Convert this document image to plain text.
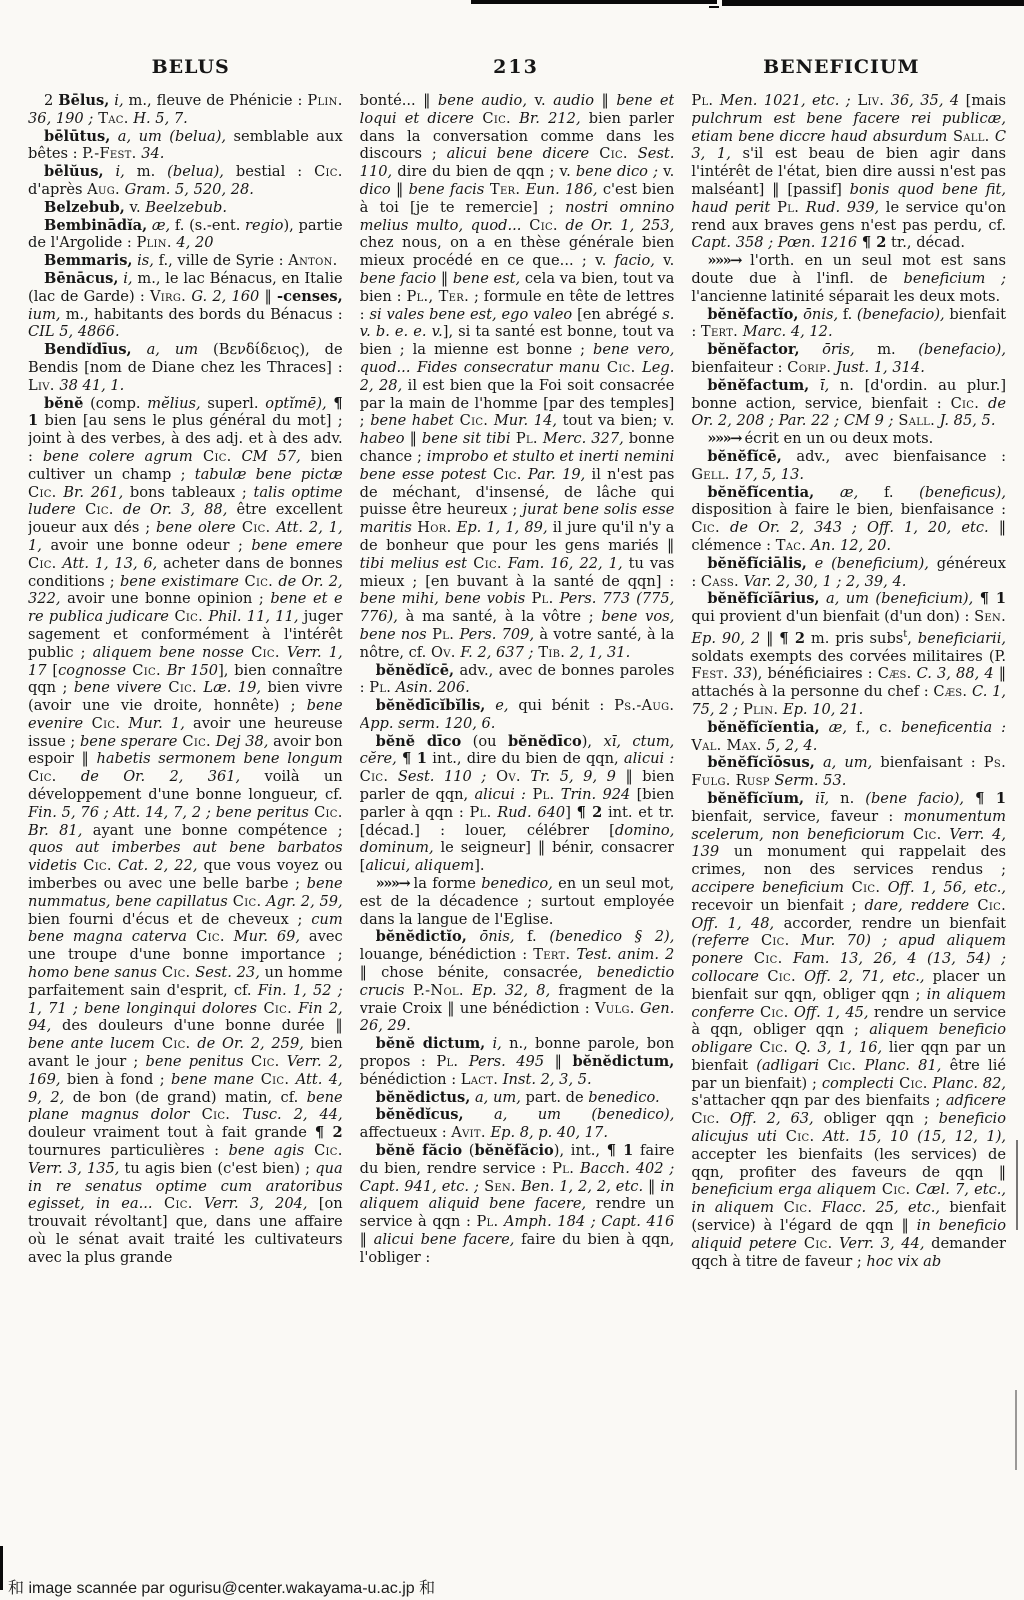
BELUS	213	BENEFICIUM

2 Bēlus, i, m., fleuve de Phénicie : Plin. 36, 190 ; Tac. H. 5, 7.

bēlūtus, a, um (belua), semblable aux bêtes : P.-Fest. 34.

bēlŭus, i, m. (belua), bestial : Cic. d'après Aug. Gram. 5, 520, 28.

Belzebub, v. Beelzebub.

Bembinādĭa, æ, f. (s.-ent. regio), partie de l'Argolide : Plin. 4, 20

Bemmaris, is, f., ville de Syrie : Anton.

Bēnācus, i, m., le lac Bénacus, en Italie (lac de Garde) : Virg. G. 2, 160 ‖ -censes, ium, m., habitants des bords du Bénacus : CIL 5, 4866.

Bendĭdīus, a, um (Βενδίδειος), de Bendis [nom de Diane chez les Thraces] : Liv. 38 41, 1.

bĕnĕ (comp. mĕlius, superl. optĭmē), ¶ 1 bien [au sens le plus général du mot] ; joint à des verbes, à des adj. et à des adv. : bene colere agrum Cic. CM 57, bien cultiver un champ ; tabulæ bene pictæ Cic. Br. 261, bons tableaux ; talis optime ludere Cic. de Or. 3, 88, être excellent joueur aux dés ; bene olere Cic. Att. 2, 1, 1, avoir une bonne odeur ; bene emere Cic. Att. 1, 13, 6, acheter dans de bonnes conditions ; bene existimare Cic. de Or. 2, 322, avoir une bonne opinion ; bene et e re publica judicare Cic. Phil. 11, 11, juger sagement et conformément à l'intérêt public ; aliquem bene nosse Cic. Verr. 1, 17 [cognosse Cic. Br 150], bien connaître qqn ; bene vivere Cic. Læ. 19, bien vivre (avoir une vie droite, honnête) ; bene evenire Cic. Mur. 1, avoir une heureuse issue ; bene sperare Cic. Dej 38, avoir bon espoir ‖ habetis sermonem bene longum Cic. de Or. 2, 361, voilà un développement d'une bonne longueur, cf. Fin. 5, 76 ; Att. 14, 7, 2 ; bene peritus Cic. Br. 81, ayant une bonne compétence ; quos aut imberbes aut bene barbatos videtis Cic. Cat. 2, 22, que vous voyez ou imberbes ou avec une belle barbe ; bene nummatus, bene capillatus Cic. Agr. 2, 59, bien fourni d'écus et de cheveux ; cum bene magna caterva Cic. Mur. 69, avec une troupe d'une bonne importance ; homo bene sanus Cic. Sest. 23, un homme parfaitement sain d'esprit, cf. Fin. 1, 52 ; 1, 71 ; bene longinqui dolores Cic. Fin 2, 94, des douleurs d'une bonne durée ‖ bene ante lucem Cic. de Or. 2, 259, bien avant le jour ; bene penitus Cic. Verr. 2, 169, bien à fond ; bene mane Cic. Att. 4, 9, 2, de bon (de grand) matin, cf. bene plane magnus dolor Cic. Tusc. 2, 44, douleur vraiment tout à fait grande ¶ 2 tournures particulières : bene agis Cic. Verr. 3, 135, tu agis bien (c'est bien) ; qua in re senatus optime cum aratoribus egisset, in ea... Cic. Verr. 3, 204, [on trouvait révoltant] que, dans une affaire où le sénat avait traité les cultivateurs avec la plus grande

bonté... ‖ bene audio, v. audio ‖ bene et loqui et dicere Cic. Br. 212, bien parler dans la conversation comme dans les discours ; alicui bene dicere Cic. Sest. 110, dire du bien de qqn ; v. bene dico ; v. dico ‖ bene facis Ter. Eun. 186, c'est bien à toi [je te remercie] ; nostri omnino melius multo, quod... Cic. de Or. 1, 253, chez nous, on a en thèse générale bien mieux procédé en ce que... ; v. facio, v. bene facio ‖ bene est, cela va bien, tout va bien : Pl., Ter. ; formule en tête de lettres : si vales bene est, ego valeo [en abrégé s. v. b. e. e. v.], si ta santé est bonne, tout va bien ; la mienne est bonne ; bene vero, quod... Fides consecratur manu Cic. Leg. 2, 28, il est bien que la Foi soit consacrée par la main de l'homme [par des temples] ; bene habet Cic. Mur. 14, tout va bien; v. habeo ‖ bene sit tibi Pl. Merc. 327, bonne chance ; improbo et stulto et inerti nemini bene esse potest Cic. Par. 19, il n'est pas de méchant, d'insensé, de lâche qui puisse être heureux ; jurat bene solis esse maritis Hor. Ep. 1, 1, 89, il jure qu'il n'y a de bonheur que pour les gens mariés ‖ tibi melius est Cic. Fam. 16, 22, 1, tu vas mieux ; [en buvant à la santé de qqn] : bene mihi, bene vobis Pl. Pers. 773 (775, 776), à ma santé, à la vôtre ; bene vos, bene nos Pl. Pers. 709, à votre santé, à la nôtre, cf. Ov. F. 2, 637 ; Tib. 2, 1, 31.

bĕnĕdĭcē, adv., avec de bonnes paroles : Pl. Asin. 206.

bĕnĕdīcĭbĭlis, e, qui bénit : Ps.-Aug. App. serm. 120, 6.

bĕnĕ dīco (ou bĕnĕdīco), xī, ctum, cĕre, ¶ 1 int., dire du bien de qqn, alicui : Cic. Sest. 110 ; Ov. Tr. 5, 9, 9 ‖ bien parler de qqn, alicui : Pl. Trin. 924 [bien parler à qqn : Pl. Rud. 640] ¶ 2 int. et tr. [décad.] : louer, célébrer [domino, dominum, le seigneur] ‖ bénir, consacrer [alicui, aliquem].

»»»→ la forme benedico, en un seul mot, est de la décadence ; surtout employée dans la langue de l'Eglise.

bĕnĕdictĭo, ōnis, f. (benedico § 2), louange, bénédiction : Tert. Test. anim. 2 ‖ chose bénite, consacrée, benedictio crucis P.-Nol. Ep. 32, 8, fragment de la vraie Croix ‖ une bénédiction : Vulg. Gen. 26, 29.

bĕnĕ dictum, i, n., bonne parole, bon propos : Pl. Pers. 495 ‖ bĕnĕdictum, bénédiction : Lact. Inst. 2, 3, 5.

bĕnĕdictus, a, um, part. de benedico.

bĕnĕdĭcus, a, um (benedico), affectueux : Avit. Ep. 8, p. 40, 17.

bĕnĕ făcio (bĕnĕfăcio), int., ¶ 1 faire du bien, rendre service : Pl. Bacch. 402 ; Capt. 941, etc. ; Sen. Ben. 1, 2, 2, etc. ‖ in aliquem aliquid bene facere, rendre un service à qqn : Pl. Amph. 184 ; Capt. 416 ‖ alicui bene facere, faire du bien à qqn, l'obliger :

Pl. Men. 1021, etc. ; Liv. 36, 35, 4 [mais pulchrum est bene facere rei publicæ, etiam bene diccre haud absurdum Sall. C 3, 1, s'il est beau de bien agir dans l'intérêt de l'état, bien dire aussi n'est pas malséant] ‖ [passif] bonis quod bene fit, haud perit Pl. Rud. 939, le service qu'on rend aux braves gens n'est pas perdu, cf. Capt. 358 ; Pœn. 1216 ¶ 2 tr., décad.

»»»→ l'orth. en un seul mot est sans doute due à l'infl. de beneficium ; l'ancienne latinité séparait les deux mots.

bĕnĕfactĭo, ōnis, f. (benefacio), bienfait : Tert. Marc. 4, 12.

bĕnĕfactor, ōris, m. (benefacio), bienfaiteur : Corip. Just. 1, 314.

bĕnĕfactum, ī, n. [d'ordin. au plur.] bonne action, service, bienfait : Cic. de Or. 2, 208 ; Par. 22 ; CM 9 ; Sall. J. 85, 5.

»»»→ écrit en un ou deux mots.

bĕnĕfĭcē, adv., avec bienfaisance : Gell. 17, 5, 13.

bĕnĕfĭcentia, æ, f. (beneficus), disposition à faire le bien, bienfaisance : Cic. de Or. 2, 343 ; Off. 1, 20, etc. ‖ clémence : Tac. An. 12, 20.

bĕnĕfĭciālis, e (beneficium), généreux : Cass. Var. 2, 30, 1 ; 2, 39, 4.

bĕnĕfĭcĭārius, a, um (beneficium), ¶ 1 qui provient d'un bienfait (d'un don) : Sen. Ep. 90, 2 ‖ ¶ 2 m. pris subs$^t$, beneficiarii, soldats exempts des corvées militaires (P. Fest. 33), bénéficiaires : Cæs. C. 3, 88, 4 ‖ attachés à la personne du chef : Cæs. C. 1, 75, 2 ; Plin. Ep. 10, 21.

bĕnĕfĭcĭentia, æ, f., c. beneficentia : Val. Max. 5, 2, 4.

bĕnĕfĭcĭōsus, a, um, bienfaisant : Ps. Fulg. Rusp Serm. 53.

bĕnĕfĭcĭum, iī, n. (bene facio), ¶ 1 bienfait, service, faveur : monumentum scelerum, non beneficiorum Cic. Verr. 4, 139 un monument qui rappelait des crimes, non des services rendus ; accipere beneficium Cic. Off. 1, 56, etc., recevoir un bienfait ; dare, reddere Cic. Off. 1, 48, accorder, rendre un bienfait (referre Cic. Mur. 70) ; apud aliquem ponere Cic. Fam. 13, 26, 4 (13, 54) ; collocare Cic. Off. 2, 71, etc., placer un bienfait sur qqn, obliger qqn ; in aliquem conferre Cic. Off. 1, 45, rendre un service à qqn, obliger qqn ; aliquem beneficio obligare Cic. Q. 3, 1, 16, lier qqn par un bienfait (adligari Cic. Planc. 81, être lié par un bienfait) ; complecti Cic. Planc. 82, s'attacher qqn par des bienfaits ; adficere Cic. Off. 2, 63, obliger qqn ; beneficio alicujus uti Cic. Att. 15, 10 (15, 12, 1), accepter les bienfaits (les services) de qqn, profiter des faveurs de qqn ‖ beneficium erga aliquem Cic. Cæl. 7, etc., in aliquem Cic. Flacc. 25, etc., bienfait (service) à l'égard de qqn ‖ in beneficio aliquid petere Cic. Verr. 3, 44, demander qqch à titre de faveur ; hoc vix ab

和 image scannée par ogurisu@center.wakayama-u.ac.jp 和
